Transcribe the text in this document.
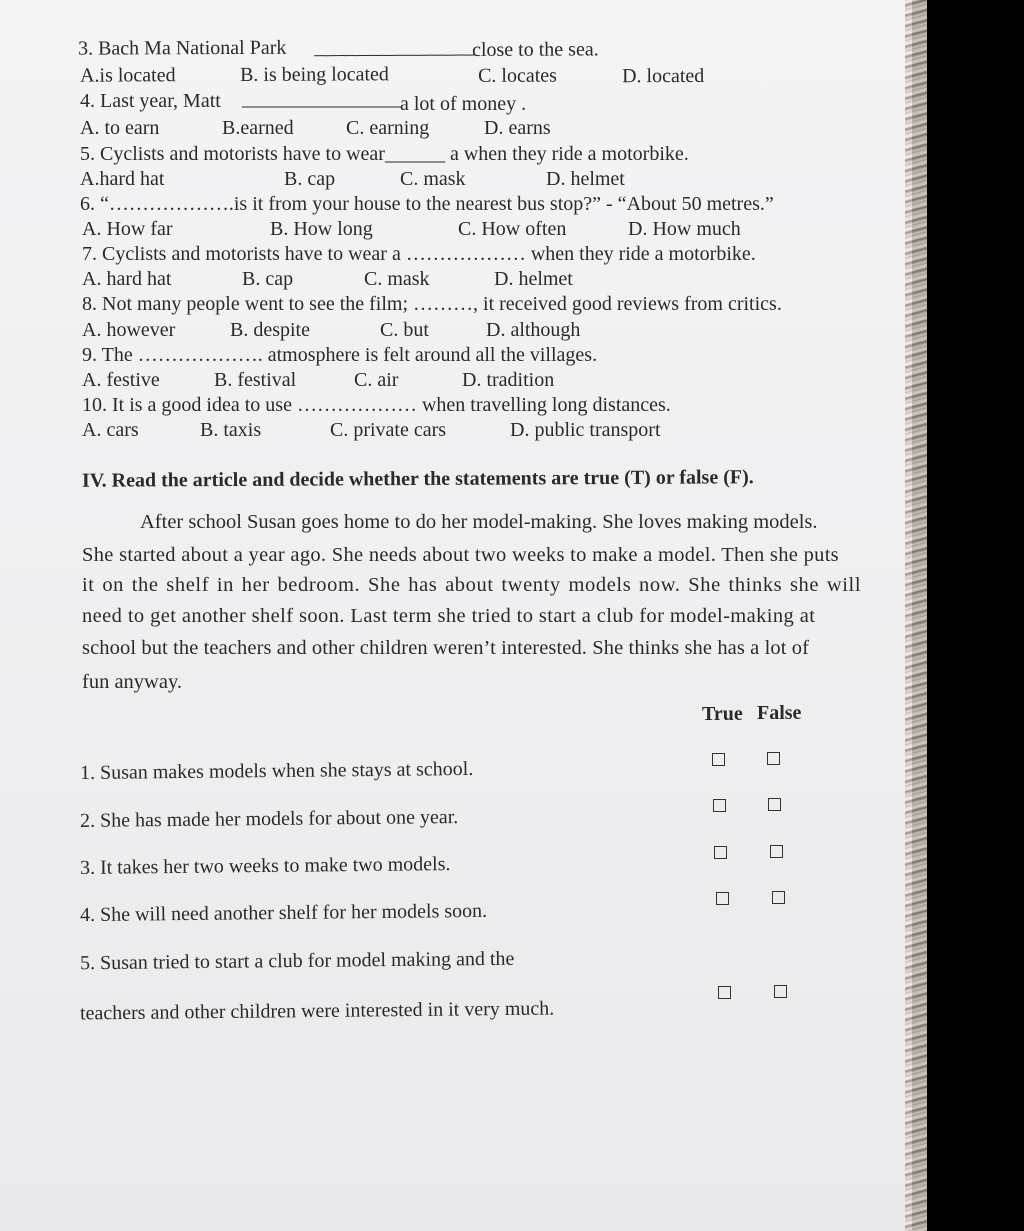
3. Bach Ma National Park ________________
close to the sea.
A.is located	B. is being located	C. locates	D. located
4. Last year, Matt ________________
a lot of money .
A. to earn	B.earned	C. earning	D. earns
5. Cyclists and motorists have to wear______ a when they ride a motorbike.
A.hard hat	B. cap	C. mask	D. helmet
6. “……………….is it from your house to the nearest bus stop?” - “About 50 metres.”
A. How far	B. How long	C. How often	D. How much
7. Cyclists and motorists have to wear a ……………… when they ride a motorbike.
A. hard hat	B. cap	C. mask	D. helmet
8. Not many people went to see the film; ………, it received good reviews from critics.
A. however	B. despite	C. but	D. although
9. The ………………. atmosphere is felt around all the villages.
A. festive	B. festival	C. air	D. tradition
10. It is a good idea to use ……………… when travelling long distances.
A. cars	B. taxis	C. private cars	D. public transport
IV. Read the article and decide whether the statements are true (T) or false (F).
After school Susan goes home to do her model-making. She loves making models.
She started about a year ago. She needs about two weeks to make a model. Then she puts
it on the shelf in her bedroom. She has about twenty models now. She thinks she will
need to get another shelf soon. Last term she tried to start a club for model-making at
school but the teachers and other children weren’t interested. She thinks she has a lot of
fun anyway.
True False
1. Susan makes models when she stays at school.
2. She has made her models for about one year.
3. It takes her two weeks to make two models.
4. She will need another shelf for her models soon.
5. Susan tried to start a club for model making and the
teachers and other children were interested in it very much.
